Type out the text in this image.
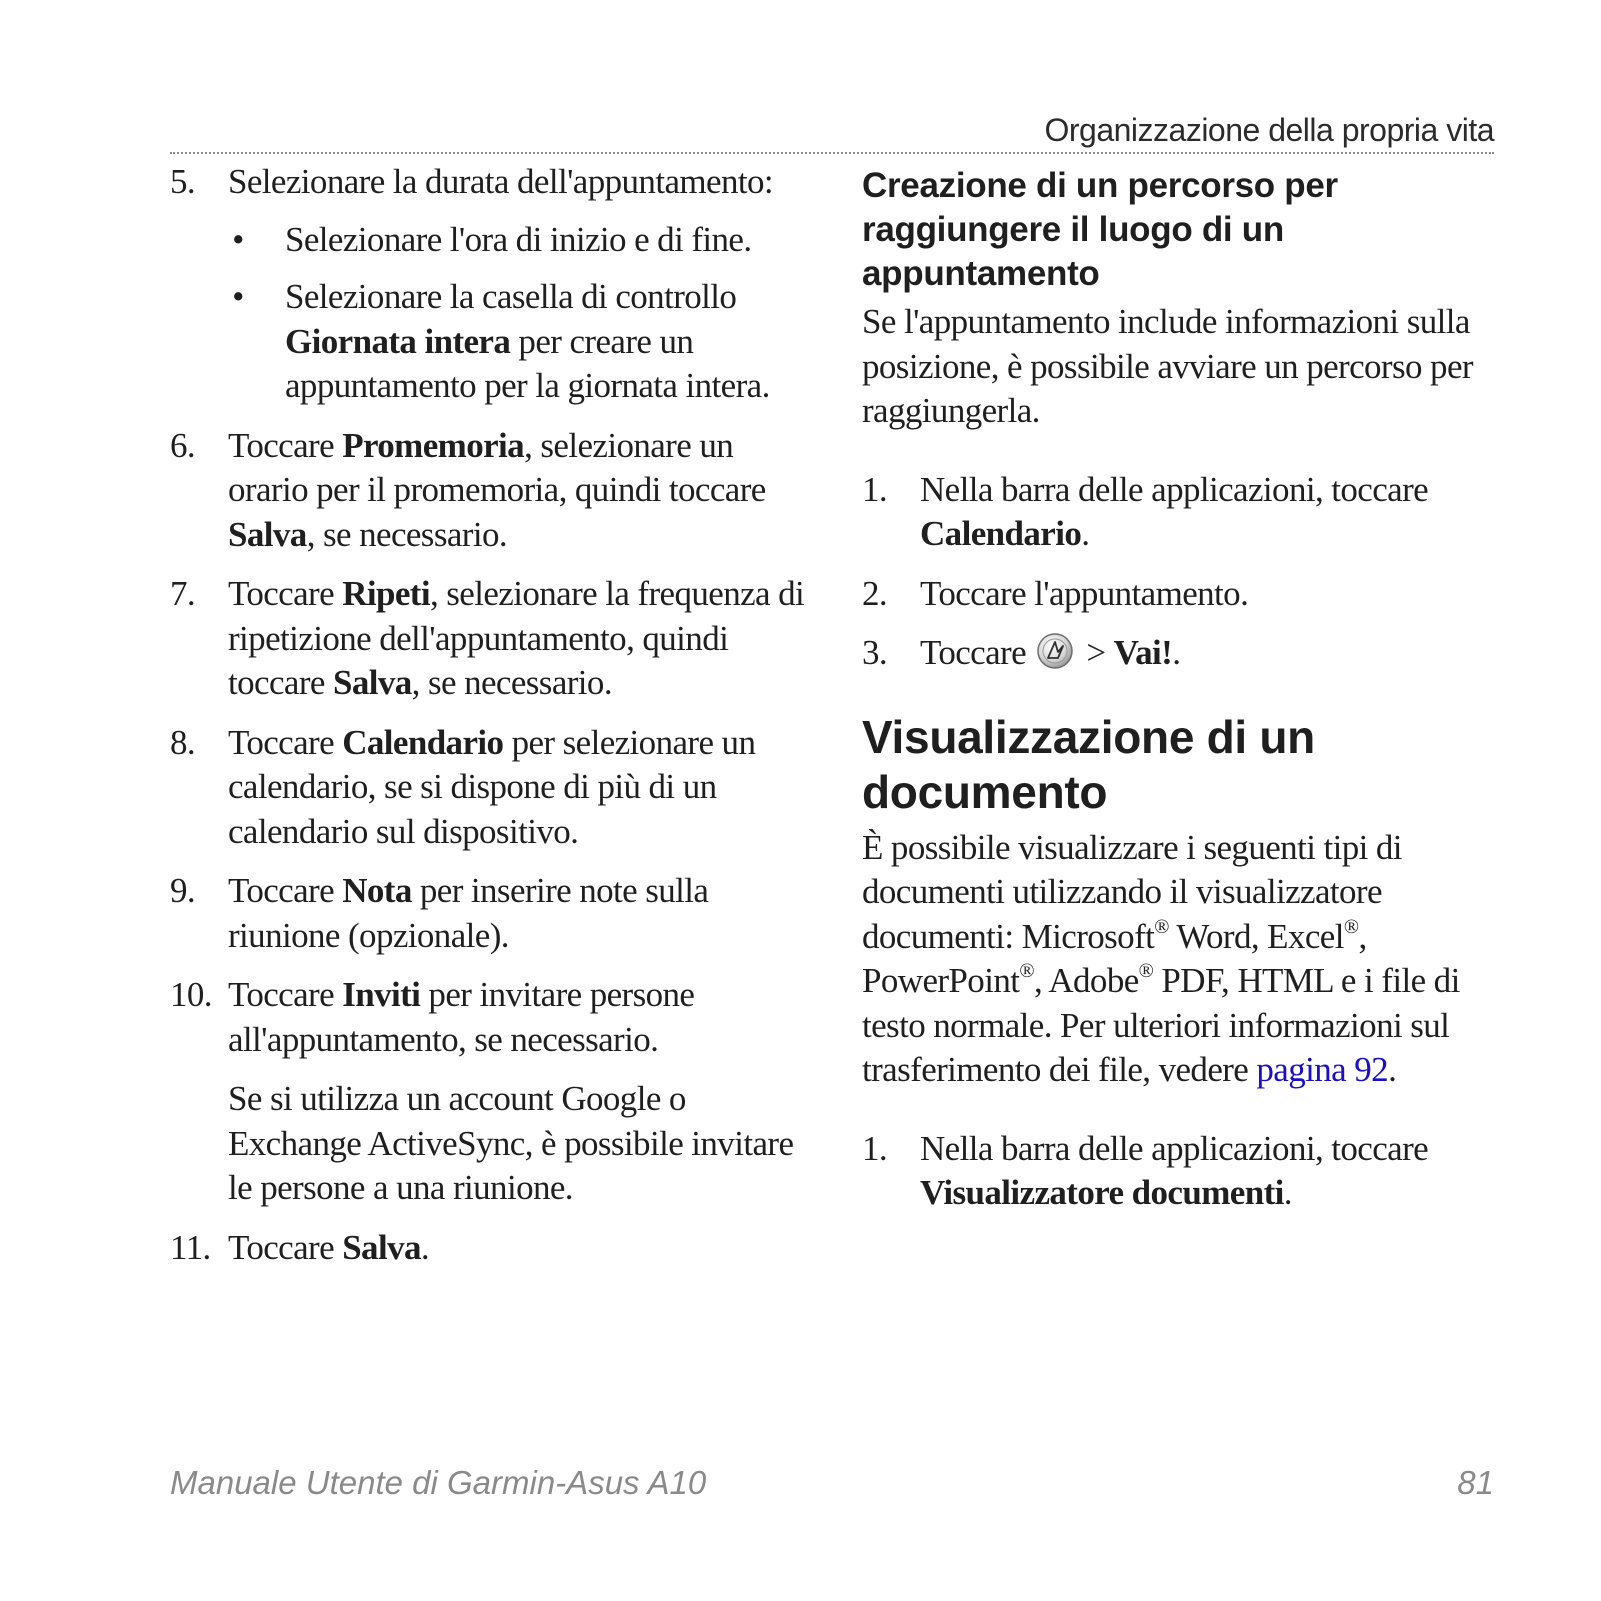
Organizzazione della propria vita
5. Selezionare la durata dell'appuntamento:
• Selezionare l'ora di inizio e di fine.
• Selezionare la casella di controllo Giornata intera per creare un appuntamento per la giornata intera.
6. Toccare Promemoria, selezionare un orario per il promemoria, quindi toccare Salva, se necessario.
7. Toccare Ripeti, selezionare la frequenza di ripetizione dell'appuntamento, quindi toccare Salva, se necessario.
8. Toccare Calendario per selezionare un calendario, se si dispone di più di un calendario sul dispositivo.
9. Toccare Nota per inserire note sulla riunione (opzionale).
10. Toccare Inviti per invitare persone all'appuntamento, se necessario.
Se si utilizza un account Google o Exchange ActiveSync, è possibile invitare le persone a una riunione.
11. Toccare Salva.
Creazione di un percorso per raggiungere il luogo di un appuntamento
Se l'appuntamento include informazioni sulla posizione, è possibile avviare un percorso per raggiungerla.
1. Nella barra delle applicazioni, toccare Calendario.
2. Toccare l'appuntamento.
3. Toccare  > Vai!.
Visualizzazione di un documento
È possibile visualizzare i seguenti tipi di documenti utilizzando il visualizzatore documenti: Microsoft® Word, Excel®, PowerPoint®, Adobe® PDF, HTML e i file di testo normale. Per ulteriori informazioni sul trasferimento dei file, vedere pagina 92.
1. Nella barra delle applicazioni, toccare Visualizzatore documenti.
Manuale Utente di Garmin-Asus A10	81
